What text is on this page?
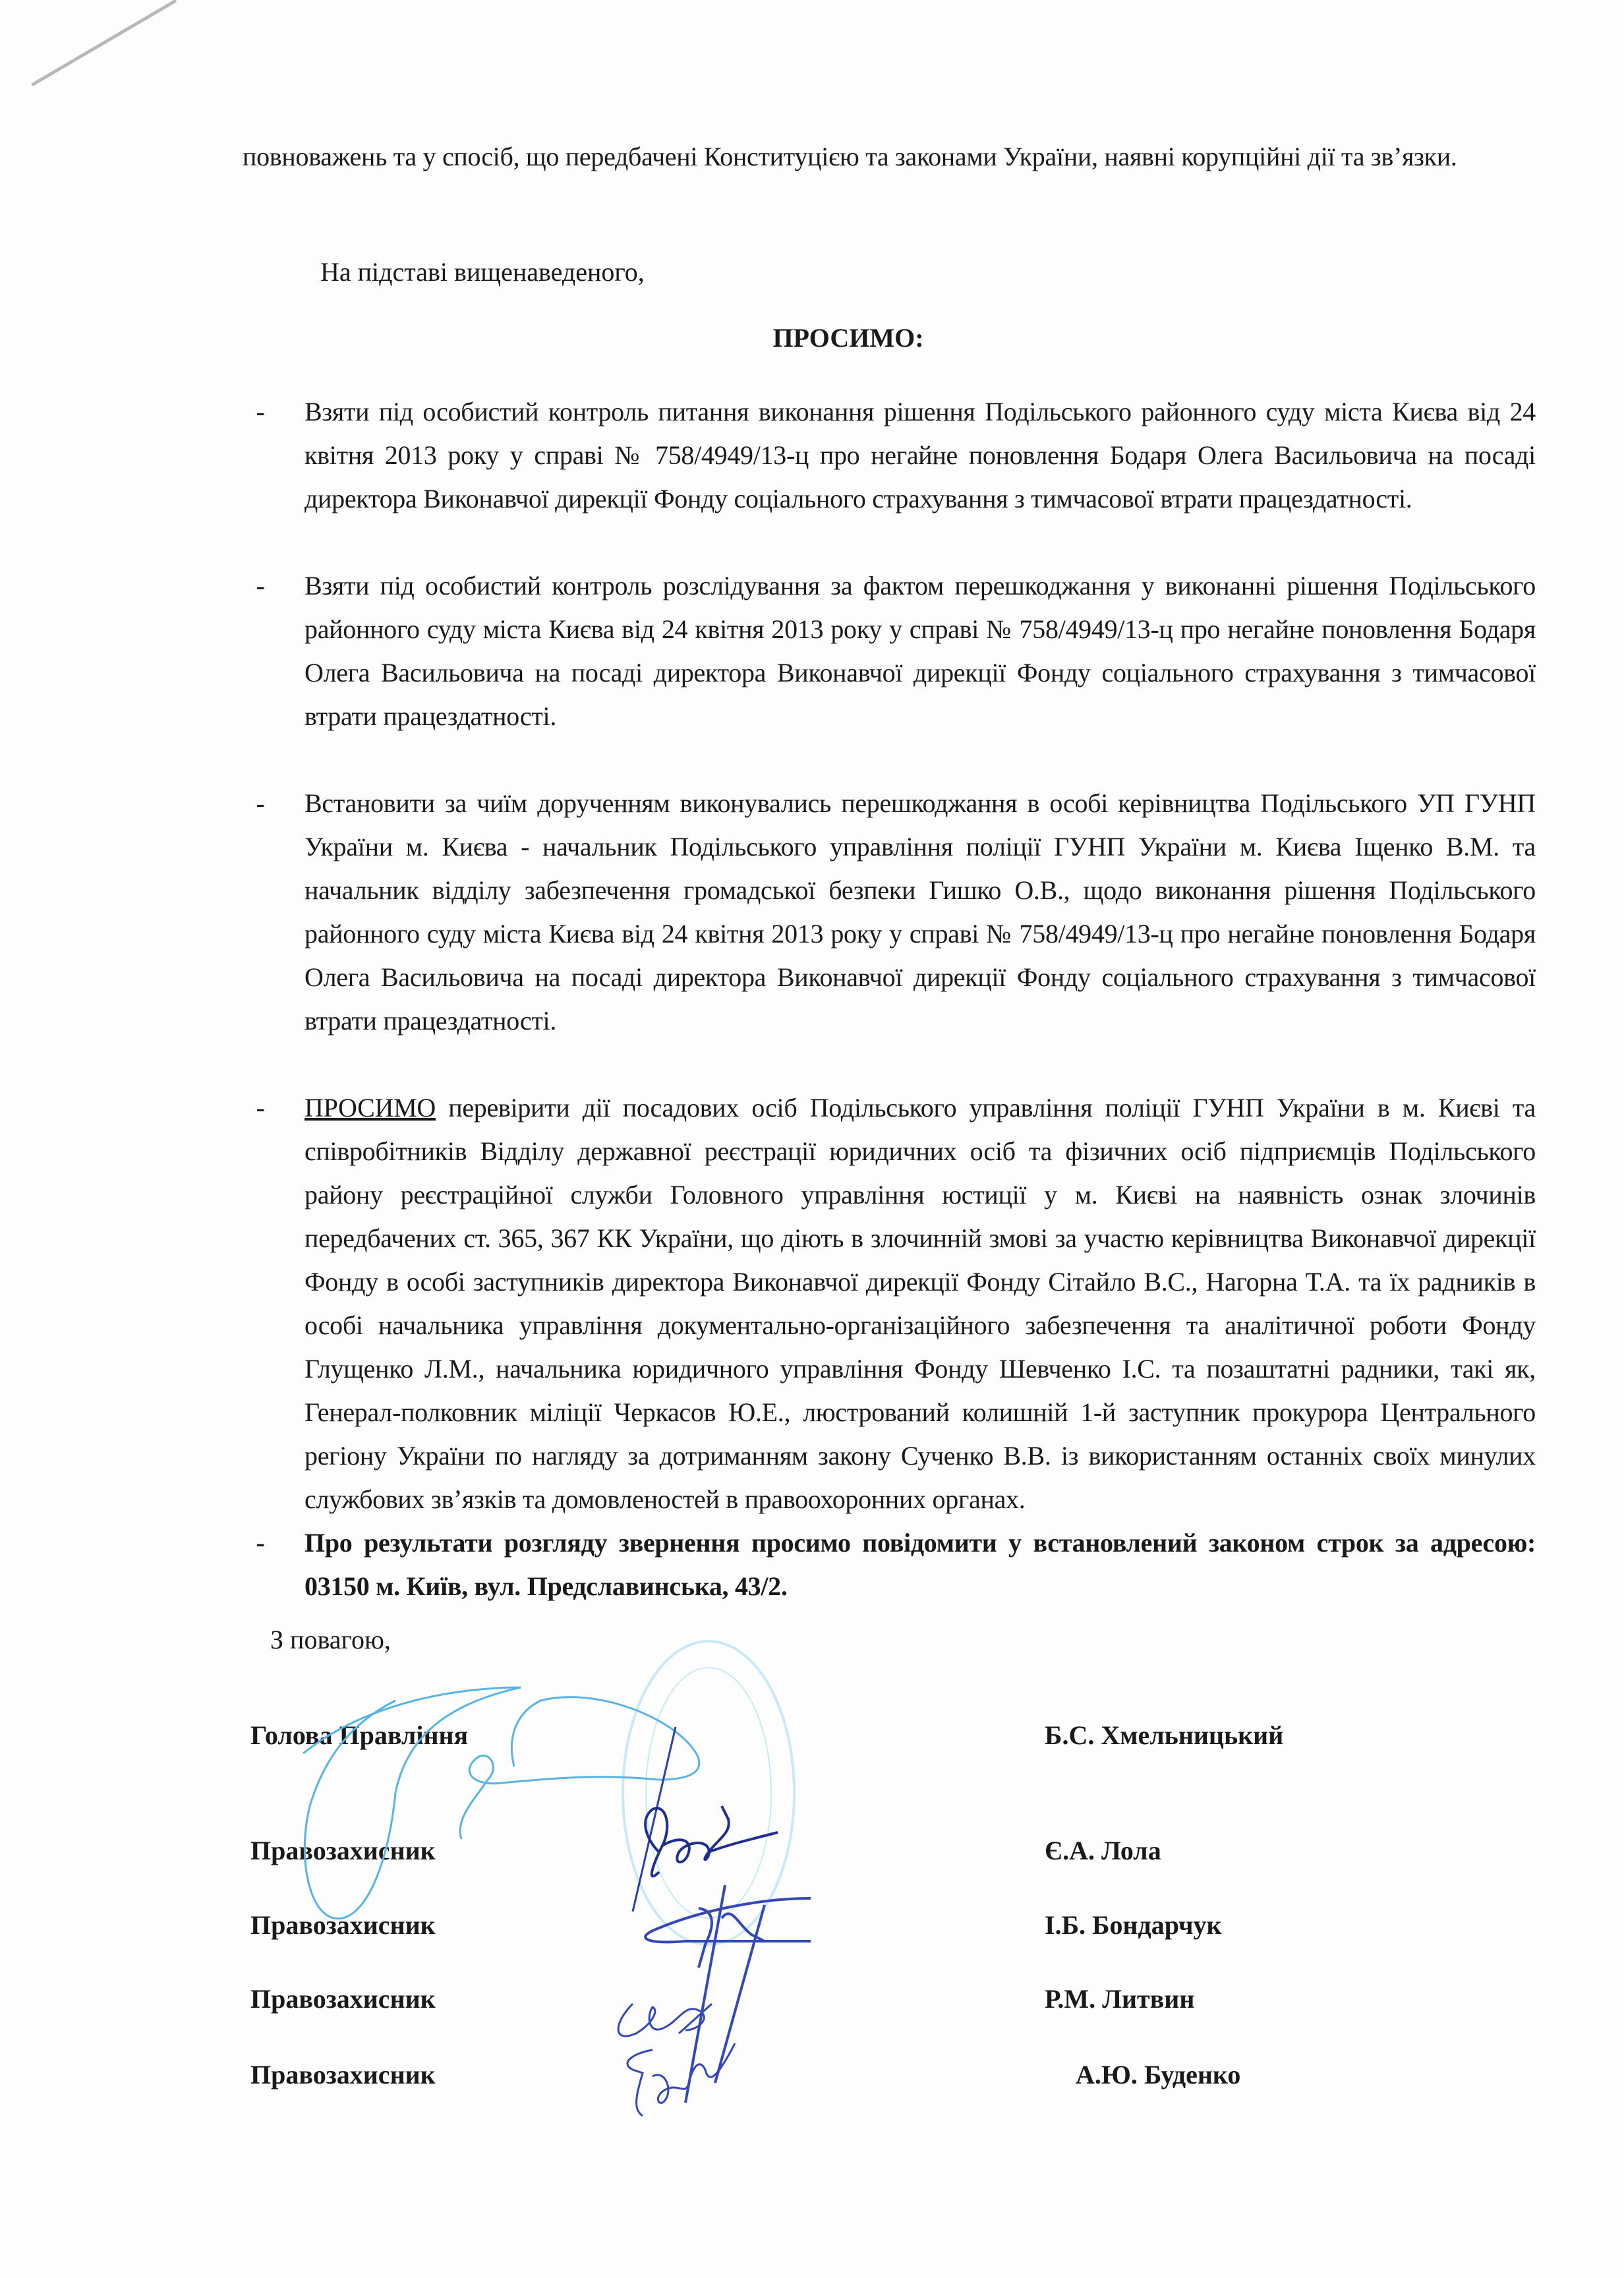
повноважень та у спосіб, що передбачені Конституцією та законами України, наявні корупційні дії та зв’язки.
На підставі вищенаведеного,
ПРОСИМО:
- Взяти під особистий контроль питання виконання рішення Подільського районного суду міста Києва від 24 квітня 2013 року у справі № 758/4949/13-ц про негайне поновлення Бодаря Олега Васильовича на посаді директора Виконавчої дирекції Фонду соціального страхування з тимчасової втрати працездатності.
- Взяти під особистий контроль розслідування за фактом перешкоджання у виконанні рішення Подільського районного суду міста Києва від 24 квітня 2013 року у справі № 758/4949/13-ц про негайне поновлення Бодаря Олега Васильовича на посаді директора Виконавчої дирекції Фонду соціального страхування з тимчасової втрати працездатності.
- Встановити за чиїм дорученням виконувались перешкоджання в особі керівництва Подільського УП ГУНП України м. Києва - начальник Подільського управління поліції ГУНП України м. Києва Іщенко В.М. та начальник відділу забезпечення громадської безпеки Гишко О.В., щодо виконання рішення Подільського районного суду міста Києва від 24 квітня 2013 року у справі № 758/4949/13-ц про негайне поновлення Бодаря Олега Васильовича на посаді директора Виконавчої дирекції Фонду соціального страхування з тимчасової втрати працездатності.
- ПРОСИМО перевірити дії посадових осіб Подільського управління поліції ГУНП України в м. Києві та співробітників Відділу державної реєстрації юридичних осіб та фізичних осіб підприємців Подільського району реєстраційної служби Головного управління юстиції у м. Києві на наявність ознак злочинів передбачених ст. 365, 367 КК України, що діють в злочинній змові за участю керівництва Виконавчої дирекції Фонду в особі заступників директора Виконавчої дирекції Фонду Сітайло В.С., Нагорна Т.А. та їх радників в особі начальника управління документально-організаційного забезпечення та аналітичної роботи Фонду Глущенко Л.М., начальника юридичного управління Фонду Шевченко І.С. та позаштатні радники, такі як, Генерал-полковник міліції Черкасов Ю.Е., люстрований колишній 1-й заступник прокурора Центрального регіону України по нагляду за дотриманням закону Сученко В.В. із використанням останніх своїх минулих службових зв’язків та домовленостей в правоохоронних органах.
- Про результати розгляду звернення просимо повідомити у встановлений законом строк за адресою: 03150 м. Київ, вул. Предславинська, 43/2.
З повагою,
Голова Правління	Б.С. Хмельницький
Правозахисник	Є.А. Лола
Правозахисник	І.Б. Бондарчук
Правозахисник	Р.М. Литвин
Правозахисник	А.Ю. Буденко
